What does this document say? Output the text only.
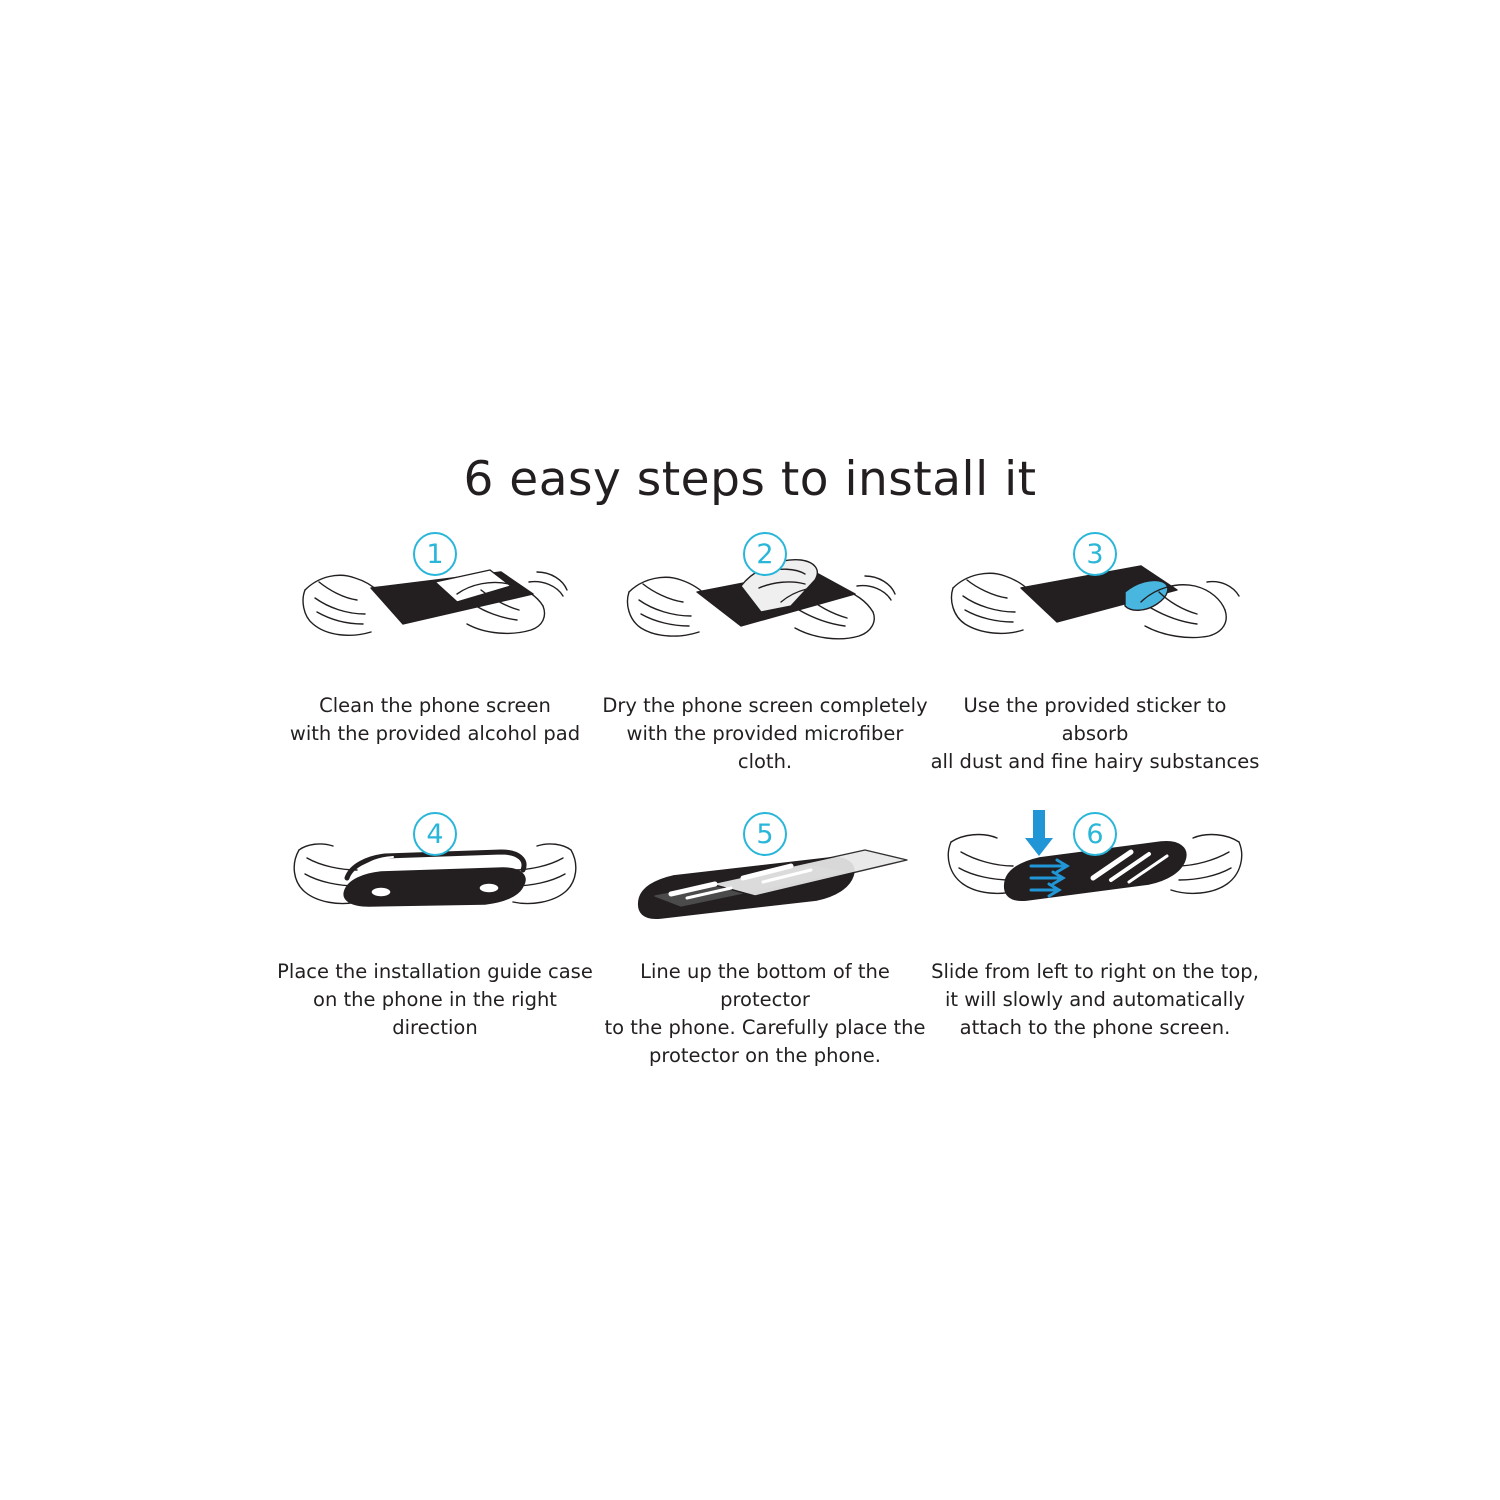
6 easy steps to install it
1
Clean the phone screen
with the provided alcohol pad
2
Dry the phone screen completely
with the provided microfiber cloth.
3
Use the provided sticker to absorb
all dust and fine hairy substances
4
Place the installation guide case
on the phone in the right direction
5
Line up the bottom of the protector
to the phone. Carefully place the
protector on the phone.
6
Slide from left to right on the top,
it will slowly and automatically
attach to the phone screen.
